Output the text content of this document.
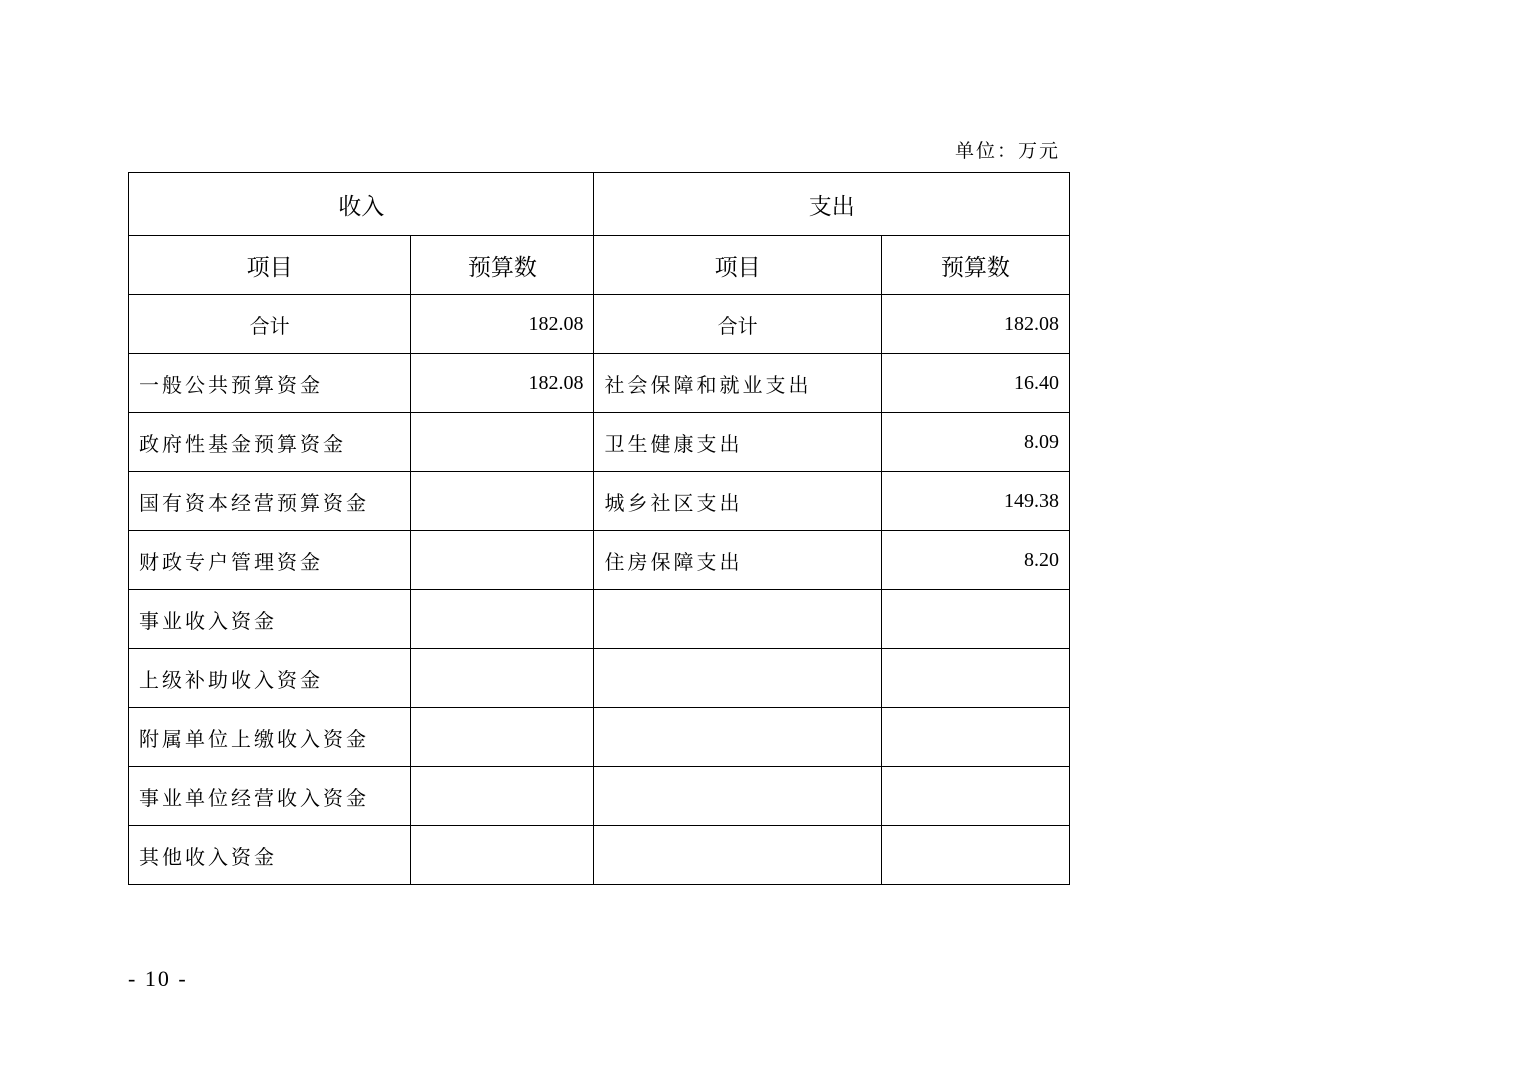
单位：万元
收入		支出	
项目	预算数	项目	预算数
合计	182.08	合计	182.08
一般公共预算资金	182.08	社会保障和就业支出	16.40
政府性基金预算资金		卫生健康支出	8.09
国有资本经营预算资金		城乡社区支出	149.38
财政专户管理资金		住房保障支出	8.20
事业收入资金			
上级补助收入资金			
附属单位上缴收入资金			
事业单位经营收入资金			
其他收入资金			
- 10 -
